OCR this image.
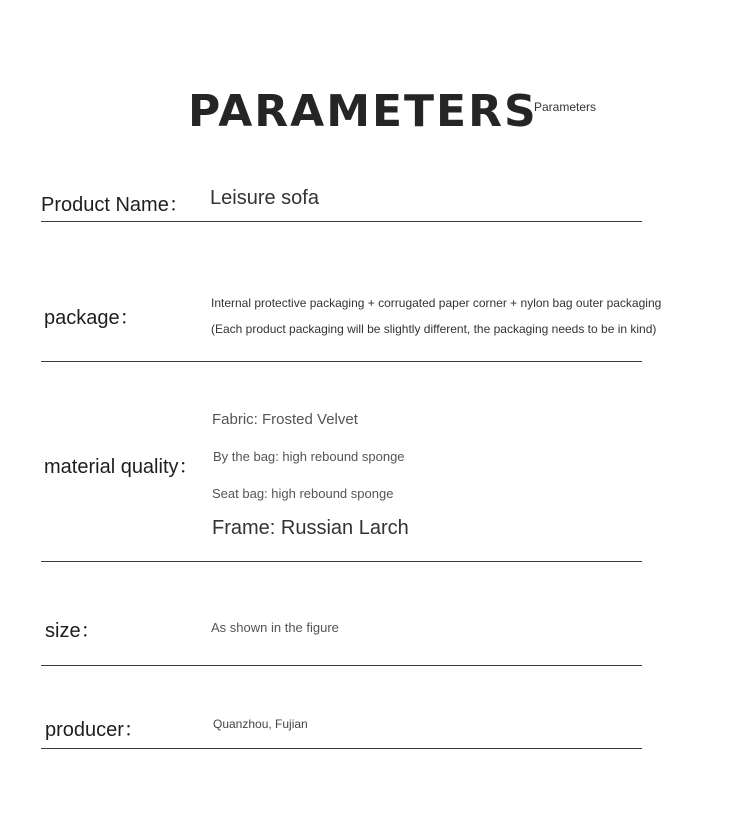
PARAMETERS
Parameters
Product Name： Leisure sofa
package：
Internal protective packaging + corrugated paper corner + nylon bag outer packaging
(Each product packaging will be slightly different, the packaging needs to be in kind)
material quality：
Fabric: Frosted Velvet
By the bag: high rebound sponge
Seat bag: high rebound sponge
Frame: Russian Larch
size：	As shown in the figure
producer：	Quanzhou, Fujian
